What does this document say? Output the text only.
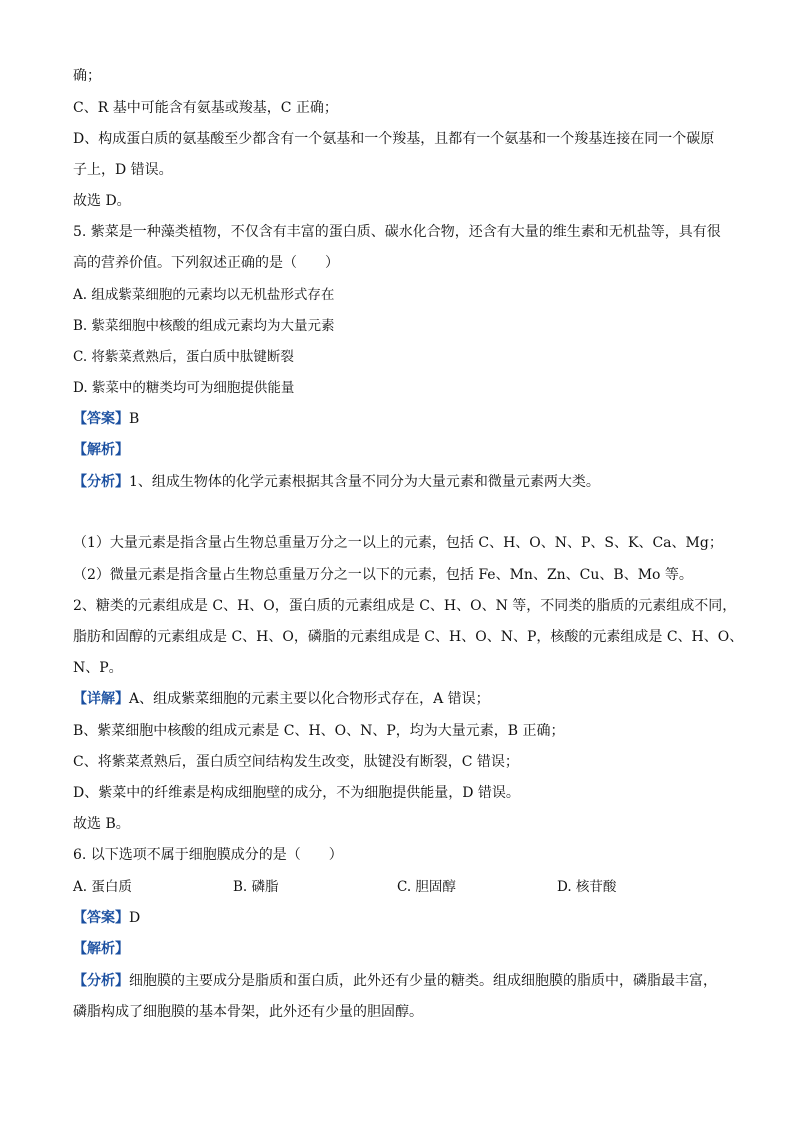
确；
C、R 基中可能含有氨基或羧基，C 正确；
D、构成蛋白质的氨基酸至少都含有一个氨基和一个羧基，且都有一个氨基和一个羧基连接在同一个碳原
子上，D 错误。
故选 D。
5. 紫菜是一种藻类植物，不仅含有丰富的蛋白质、碳水化合物，还含有大量的维生素和无机盐等，具有很
高的营养价值。下列叙述正确的是（　　）
A. 组成紫菜细胞的元素均以无机盐形式存在
B. 紫菜细胞中核酸的组成元素均为大量元素
C. 将紫菜煮熟后，蛋白质中肽键断裂
D. 紫菜中的糖类均可为细胞提供能量
【答案】B
【解析】
【分析】1、组成生物体的化学元素根据其含量不同分为大量元素和微量元素两大类。
（1）大量元素是指含量占生物总重量万分之一以上的元素，包括 C、H、O、N、P、S、K、Ca、Mg；
（2）微量元素是指含量占生物总重量万分之一以下的元素，包括 Fe、Mn、Zn、Cu、B、Mo 等。
2、糖类的元素组成是 C、H、O，蛋白质的元素组成是 C、H、O、N 等，不同类的脂质的元素组成不同，
脂肪和固醇的元素组成是 C、H、O，磷脂的元素组成是 C、H、O、N、P，核酸的元素组成是 C、H、O、
N、P。
【详解】A、组成紫菜细胞的元素主要以化合物形式存在，A 错误；
B、紫菜细胞中核酸的组成元素是 C、H、O、N、P，均为大量元素，B 正确；
C、将紫菜煮熟后，蛋白质空间结构发生改变，肽键没有断裂，C 错误；
D、紫菜中的纤维素是构成细胞壁的成分，不为细胞提供能量，D 错误。
故选 B。
6. 以下选项不属于细胞膜成分的是（　　）
A. 蛋白质	B. 磷脂	C. 胆固醇	D. 核苷酸
【答案】D
【解析】
【分析】细胞膜的主要成分是脂质和蛋白质，此外还有少量的糖类。组成细胞膜的脂质中，磷脂最丰富，
磷脂构成了细胞膜的基本骨架，此外还有少量的胆固醇。
